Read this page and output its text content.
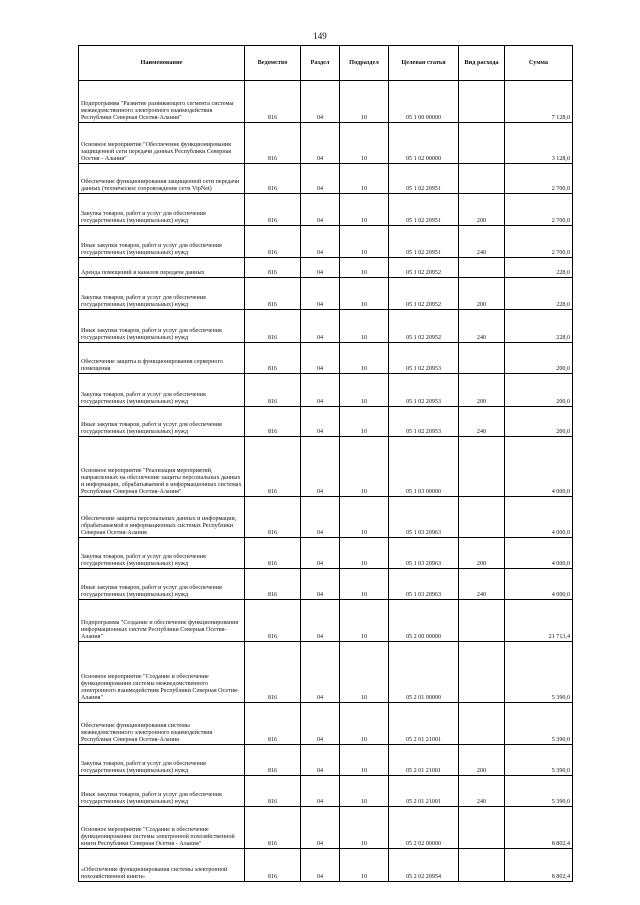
149
Наименование	Ведомство	Раздел	Подраздел	Целевая статья	Вид расхода	Сумма
Подпрограмма "Развитие развивающего сегмента системы межведомственного электронного взаимодействия Республики Северная Осетия-Алания"	816	04	10	05 1 00 00000		7 128,0
Основное мероприятие "Обеспечение функционирования защищенной сети передачи данных Республики Северная Осетия - Алания"	816	04	10	05 1 02 00000		3 128,0
Обеспечение функционирования защищенной сети передачи данных (техническое сопровождение сети VipNet)	816	04	10	05 1 02 20951		2 700,0
Закупка товаров, работ и услуг для обеспечения государственных (муниципальных) нужд	816	04	10	05 1 02 20951	200	2 700,0
Иные закупки товаров, работ и услуг для обеспечения государственных (муниципальных) нужд	816	04	10	05 1 02 20951	240	2 700,0
Аренда помещений и каналов передачи данных	816	04	10	05 1 02 20952		228,0
Закупка товаров, работ и услуг для обеспечения государственных (муниципальных) нужд	816	04	10	05 1 02 20952	200	228,0
Иные закупки товаров, работ и услуг для обеспечения государственных (муниципальных) нужд	816	04	10	05 1 02 20952	240	228,0
Обеспечение защиты и функционирования серверного помещения	816	04	10	05 1 02 20953		200,0
Закупка товаров, работ и услуг для обеспечения государственных (муниципальных) нужд	816	04	10	05 1 02 20953	200	200,0
Иные закупки товаров, работ и услуг для обеспечения государственных (муниципальных) нужд	816	04	10	05 1 02 20953	240	200,0
Основное мероприятие "Реализация мероприятий, направленных на обеспечение защиты персональных данных и информации, обрабатываемой в информационных системах Республики Северная Осетия-Алания"	816	04	10	05 1 03 00000		4 000,0
Обеспечение защиты персональных данных и информации, обрабатываемой в информационных системах Республики Северная Осетия-Алания	816	04	10	05 1 03 20963		4 000,0
Закупка товаров, работ и услуг для обеспечения государственных (муниципальных) нужд	816	04	10	05 1 03 20963	200	4 000,0
Иные закупки товаров, работ и услуг для обеспечения государственных (муниципальных) нужд	816	04	10	05 1 03 20963	240	4 000,0
Подпрограмма "Создание и обеспечение функционирования информационных систем Республики Северная Осетия-Алания"	816	04	10	05 2 00 00000		21 713,4
Основное мероприятие "Создание и обеспечение функционирования системы межведомственного электронного взаимодействия Республики Северная Осетия-Алания"	816	04	10	05 2 01 00000		5 390,0
Обеспечение функционирования системы межведомственного электронного взаимодействия Республики Северная Осетия-Алания	816	04	10	05 2 01 21001		5 390,0
Закупка товаров, работ и услуг для обеспечения государственных (муниципальных) нужд	816	04	10	05 2 01 21001	200	5 390,0
Иные закупки товаров, работ и услуг для обеспечения государственных (муниципальных) нужд	816	04	10	05 2 01 21001	240	5 390,0
Основное мероприятие "Создание и обеспечение функционирования системы электронной похозяйственной книги Республики Северная Осетия - Алания"	816	04	10	05 2 02 00000		8 802,4
«Обеспечение функционирования системы электронной похозяйственной книги»	816	04	10	05 2 02 20954		8 802,4
